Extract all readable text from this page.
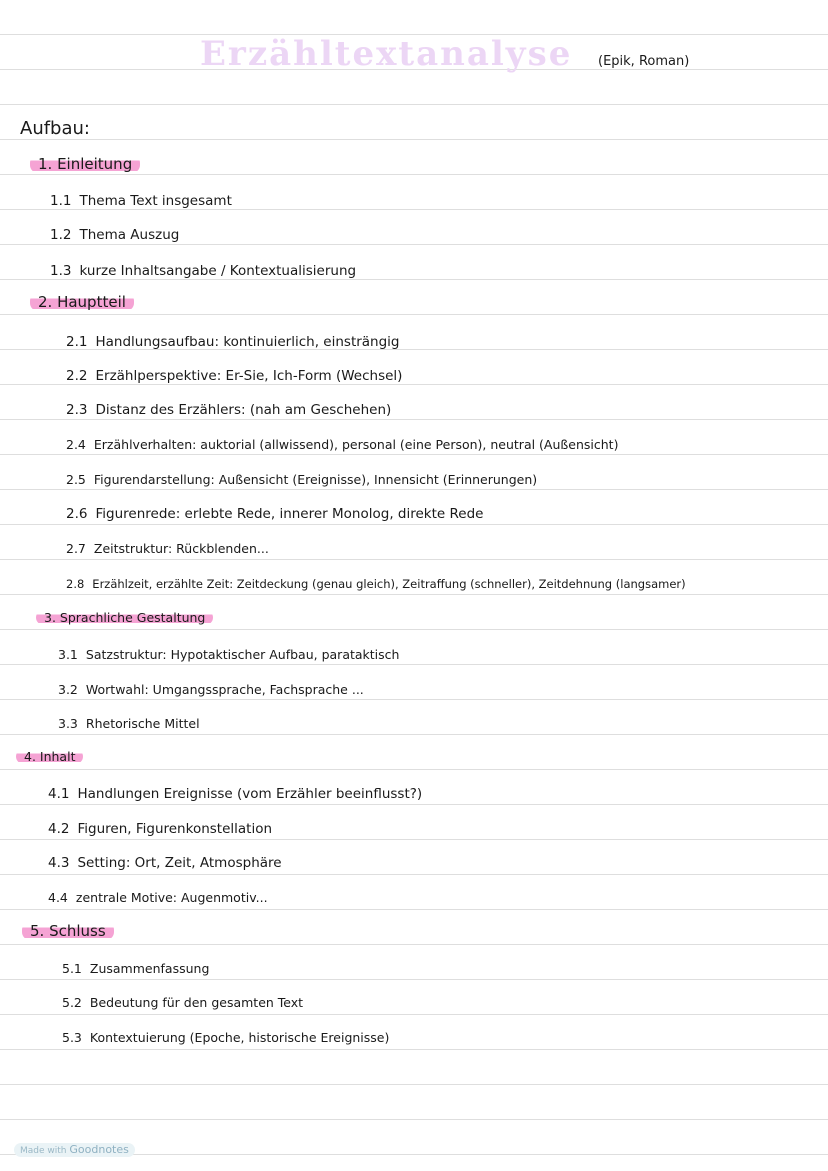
Erzähltextanalyse (Epik, Roman)
Aufbau:
1. Einleitung
1.1 Thema Text insgesamt
1.2 Thema Auszug
1.3 kurze Inhaltsangabe / Kontextualisierung
2. Hauptteil
2.1 Handlungsaufbau: kontinuierlich, einsträngig
2.2 Erzählperspektive: Er-Sie, Ich-Form (Wechsel)
2.3 Distanz des Erzählers: (nah am Geschehen)
2.4 Erzählverhalten: auktorial (allwissend), personal (eine Person), neutral (Außensicht)
2.5 Figurendarstellung: Außensicht (Ereignisse), Innensicht (Erinnerungen)
2.6 Figurenrede: erlebte Rede, innerer Monolog, direkte Rede
2.7 Zeitstruktur: Rückblenden...
2.8 Erzählzeit, erzählte Zeit: Zeitdeckung (genau gleich), Zeitraffung (schneller), Zeitdehnung (langsamer)
3. Sprachliche Gestaltung
3.1 Satzstruktur: Hypotaktischer Aufbau, parataktisch
3.2 Wortwahl: Umgangssprache, Fachsprache ...
3.3 Rhetorische Mittel
4. Inhalt
4.1 Handlungen Ereignisse (vom Erzähler beeinflusst?)
4.2 Figuren, Figurenkonstellation
4.3 Setting: Ort, Zeit, Atmosphäre
4.4 zentrale Motive: Augenmotiv...
5. Schluss
5.1 Zusammenfassung
5.2 Bedeutung für den gesamten Text
5.3 Kontextuierung (Epoche, historische Ereignisse)
Made with Goodnotes
